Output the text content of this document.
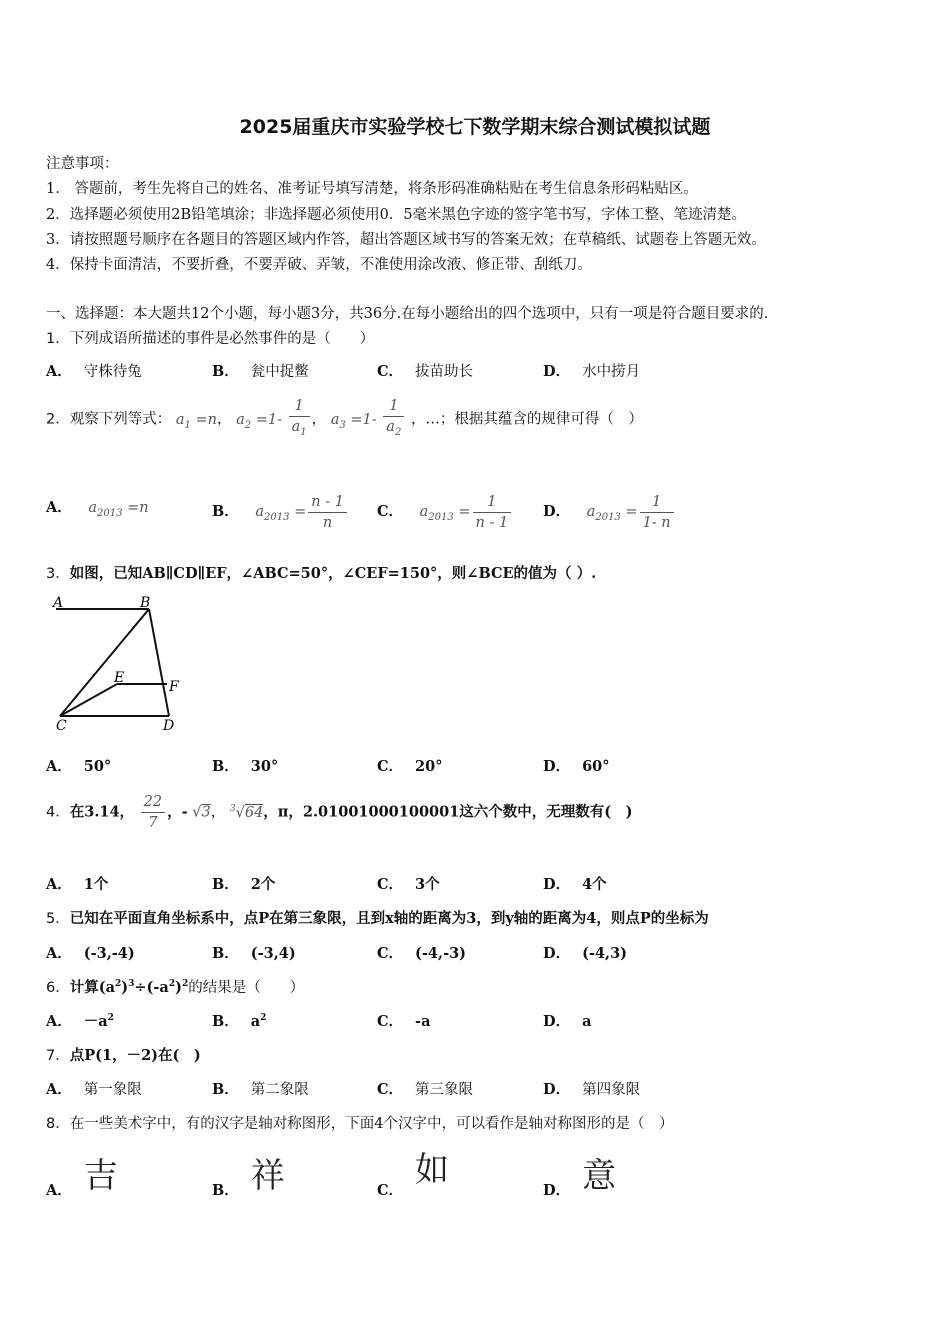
2025届重庆市实验学校七下数学期末综合测试模拟试题
注意事项：
1． 答题前，考生先将自己的姓名、准考证号填写清楚，将条形码准确粘贴在考生信息条形码粘贴区。
2．选择题必须使用2B铅笔填涂；非选择题必须使用0．5毫米黑色字迹的签字笔书写，字体工整、笔迹清楚。
3．请按照题号顺序在各题目的答题区域内作答，超出答题区域书写的答案无效；在草稿纸、试题卷上答题无效。
4．保持卡面清洁，不要折叠，不要弄破、弄皱，不准使用涂改液、修正带、刮纸刀。
一、选择题：本大题共12个小题，每小题3分，共36分.在每小题给出的四个选项中，只有一项是符合题目要求的.
1．下列成语所描述的事件是必然事件的是（　　）
A． 守株待兔	B． 瓮中捉鳖	C． 拔苗助长	D． 水中捞月
2．观察下列等式： $a_1 =n$， $a_2 =1- \frac{1}{a_1}$ ， $a_3 =1- \frac{1}{a_2}$ ，…；根据其蕴含的规律可得（　）
A． $a_{2013} =n$	B． $a_{2013} = \frac{n - 1}{n}$ C． $a_{2013} = \frac{1}{n - 1}$ D． $a_{2013} = \frac{1}{1- n}$
3．如图，已知AB∥CD∥EF，∠ABC=50°，∠CEF=150°，则∠BCE的值为（ ）.
A	B
E
F
C	D
A． 50°	B． 30°	C． 20°	D． 60°
4．在3.14， $\frac{22}{7}$ ，- √3， $^3$√64，π，2.01001000100001这六个数中，无理数有(　)
A． 1个	B． 2个	C． 3个	D． 4个
5．已知在平面直角坐标系中，点P在第三象限，且到x轴的距离为3，到y轴的距离为4，则点P的坐标为
A． (-3,-4)	B． (-3,4)	C． (-4,-3)	D． (-4,3)
6．计算$(a^2)^3\div(-a^2)^2$的结果是（　　）
A． $-a^2$	B． $a^2$	C． -a	D． a
7．点P(1，－2)在(　)
A． 第一象限	B． 第二象限	C． 第三象限	D． 第四象限
8．在一些美术字中，有的汉字是轴对称图形，下面4个汉字中，可以看作是轴对称图形的是（　）
A． 吉	B． 祥	C．如
D． 意
